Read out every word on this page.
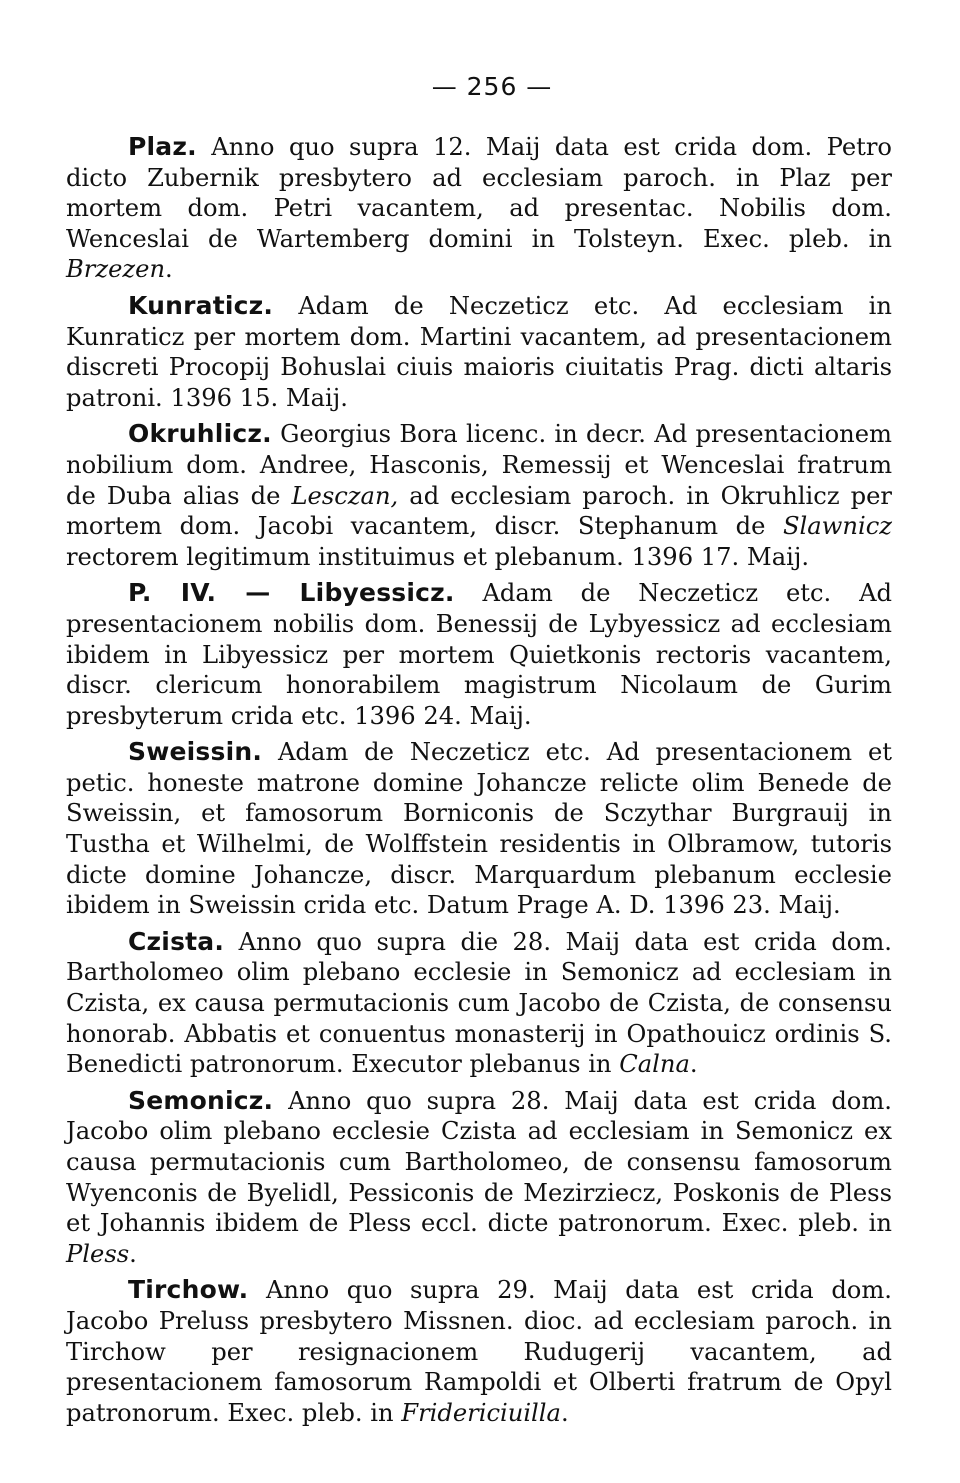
— 256 —

Plaz. Anno quo supra 12. Maij data est crida dom. Petro dicto Zubernik presbytero ad ecclesiam paroch. in Plaz per mortem dom. Petri vacantem, ad presentac. Nobilis dom. Wenceslai de Wartemberg domini in Tolsteyn. Exec. pleb. in Brzezen.

Kunraticz. Adam de Neczeticz etc. Ad ecclesiam in Kunraticz per mortem dom. Martini vacantem, ad presentacionem discreti Procopij Bohuslai ciuis maioris ciuitatis Prag. dicti altaris patroni. 1396 15. Maij.

Okruhlicz. Georgius Bora licenc. in decr. Ad presentacionem nobilium dom. Andree, Hasconis, Remessij et Wenceslai fratrum de Duba alias de Lesczan, ad ecclesiam paroch. in Okruhlicz per mortem dom. Jacobi vacantem, discr. Stephanum de Slawnicz rectorem legitimum instituimus et plebanum. 1396 17. Maij.

P. IV. — Libyessicz. Adam de Neczeticz etc. Ad presentacionem nobilis dom. Benessij de Lybyessicz ad ecclesiam ibidem in Libyessicz per mortem Quietkonis rectoris vacantem, discr. clericum honorabilem magistrum Nicolaum de Gurim presbyterum crida etc. 1396 24. Maij.

Sweissin. Adam de Neczeticz etc. Ad presentacionem et petic. honeste matrone domine Johancze relicte olim Benede de Sweissin, et famosorum Borniconis de Sczythar Burgrauij in Tustha et Wilhelmi, de Wolffstein residentis in Olbramow, tutoris dicte domine Johancze, discr. Marquardum plebanum ecclesie ibidem in Sweissin crida etc. Datum Prage A. D. 1396 23. Maij.

Czista. Anno quo supra die 28. Maij data est crida dom. Bartholomeo olim plebano ecclesie in Semonicz ad ecclesiam in Czista, ex causa permutacionis cum Jacobo de Czista, de consensu honorab. Abbatis et conuentus monasterij in Opathouicz ordinis S. Benedicti patronorum. Executor plebanus in Calna.

Semonicz. Anno quo supra 28. Maij data est crida dom. Jacobo olim plebano ecclesie Czista ad ecclesiam in Semonicz ex causa permutacionis cum Bartholomeo, de consensu famosorum Wyenconis de Byelidl, Pessiconis de Mezirziecz, Poskonis de Pless et Johannis ibidem de Pless eccl. dicte patronorum. Exec. pleb. in Pless.

Tirchow. Anno quo supra 29. Maij data est crida dom. Jacobo Preluss presbytero Missnen. dioc. ad ecclesiam paroch. in Tirchow per resignacionem Rudugerij vacantem, ad presentacionem famosorum Rampoldi et Olberti fratrum de Opyl patronorum. Exec. pleb. in Fridericiuilla.
